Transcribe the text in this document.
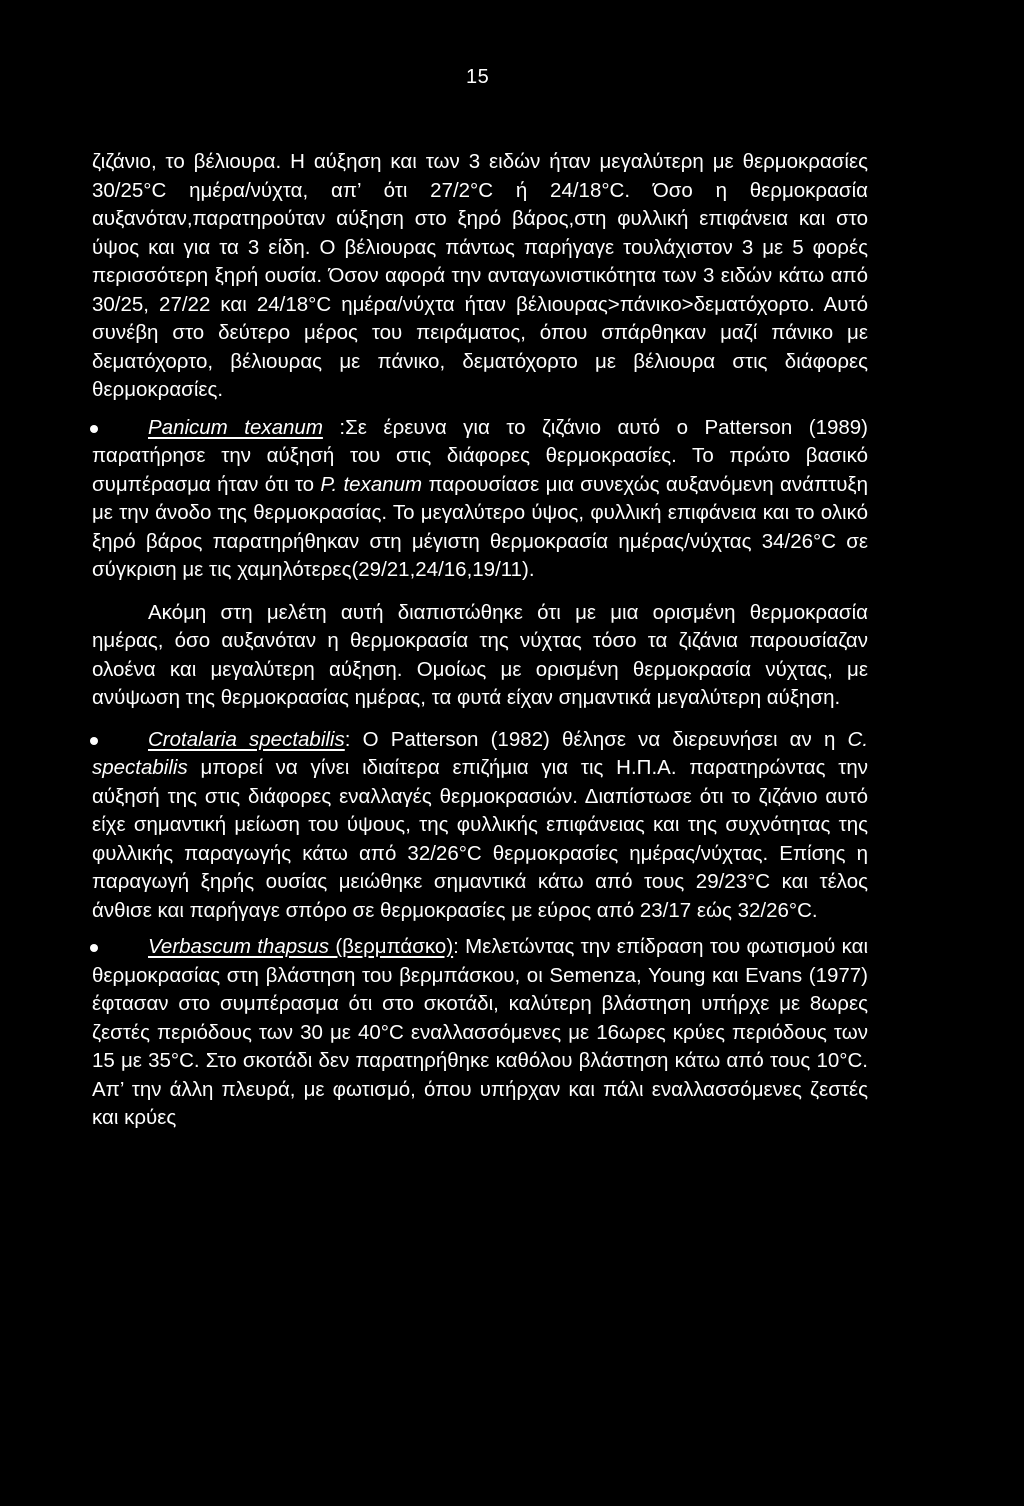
15

ζιζάνιο, το βέλιουρα. Η αύξηση και των 3 ειδών ήταν μεγαλύτερη με θερμοκρασίες 30/25°C ημέρα/νύχτα, απ’ ότι 27/2°C ή 24/18°C. Όσο η θερμοκρασία αυξανόταν,παρατηρούταν αύξηση στο ξηρό βάρος,στη φυλλική επιφάνεια και στο ύψος και για τα 3 είδη. Ο βέλιουρας πάντως παρήγαγε τουλάχιστον 3 με 5 φορές περισσότερη ξηρή ουσία. Όσον αφορά την ανταγωνιστικότητα των 3 ειδών κάτω από 30/25, 27/22 και 24/18°C ημέρα/νύχτα ήταν βέλιουρας>πάνικο>δεματόχορτο. Αυτό συνέβη στο δεύτερο μέρος του πειράματος, όπου σπάρθηκαν μαζί πάνικο με δεματόχορτο, βέλιουρας με πάνικο, δεματόχορτο με βέλιουρα στις διάφορες θερμοκρασίες.

Panicum texanum :Σε έρευνα για το ζιζάνιο αυτό ο Patterson (1989) παρατήρησε την αύξησή του στις διάφορες θερμοκρασίες. Το πρώτο βασικό συμπέρασμα ήταν ότι το P. texanum παρουσίασε μια συνεχώς αυξανόμενη ανάπτυξη με την άνοδο της θερμοκρασίας. Το μεγαλύτερο ύψος, φυλλική επιφάνεια και το ολικό ξηρό βάρος παρατηρήθηκαν στη μέγιστη θερμοκρασία ημέρας/νύχτας 34/26°C σε σύγκριση με τις χαμηλότερες(29/21,24/16,19/11).

Ακόμη στη μελέτη αυτή διαπιστώθηκε ότι με μια ορισμένη θερμοκρασία ημέρας, όσο αυξανόταν η θερμοκρασία της νύχτας τόσο τα ζιζάνια παρουσίαζαν ολοένα και μεγαλύτερη αύξηση. Ομοίως με ορισμένη θερμοκρασία νύχτας, με ανύψωση της θερμοκρασίας ημέρας, τα φυτά είχαν σημαντικά μεγαλύτερη αύξηση.

Crotalaria spectabilis: Ο Patterson (1982) θέλησε να διερευνήσει αν η C. spectabilis μπορεί να γίνει ιδιαίτερα επιζήμια για τις Η.Π.Α. παρατηρώντας την αύξησή της στις διάφορες εναλλαγές θερμοκρασιών. Διαπίστωσε ότι το ζιζάνιο αυτό είχε σημαντική μείωση του ύψους, της φυλλικής επιφάνειας και της συχνότητας της φυλλικής παραγωγής κάτω από 32/26°C θερμοκρασίες ημέρας/νύχτας. Επίσης η παραγωγή ξηρής ουσίας μειώθηκε σημαντικά κάτω από τους 29/23°C και τέλος άνθισε και παρήγαγε σπόρο σε θερμοκρασίες με εύρος από 23/17 εώς 32/26°C.

Verbascum thapsus (βερμπάσκο): Μελετώντας την επίδραση του φωτισμού και θερμοκρασίας στη βλάστηση του βερμπάσκου, οι Semenza, Young και Evans (1977) έφτασαν στο συμπέρασμα ότι στο σκοτάδι, καλύτερη βλάστηση υπήρχε με 8ωρες ζεστές περιόδους των 30 με 40°C εναλλασσόμενες με 16ωρες κρύες περιόδους των 15 με 35°C. Στο σκοτάδι δεν παρατηρήθηκε καθόλου βλάστηση κάτω από τους 10°C. Απ’ την άλλη πλευρά, με φωτισμό, όπου υπήρχαν και πάλι εναλλασσόμενες ζεστές και κρύες
